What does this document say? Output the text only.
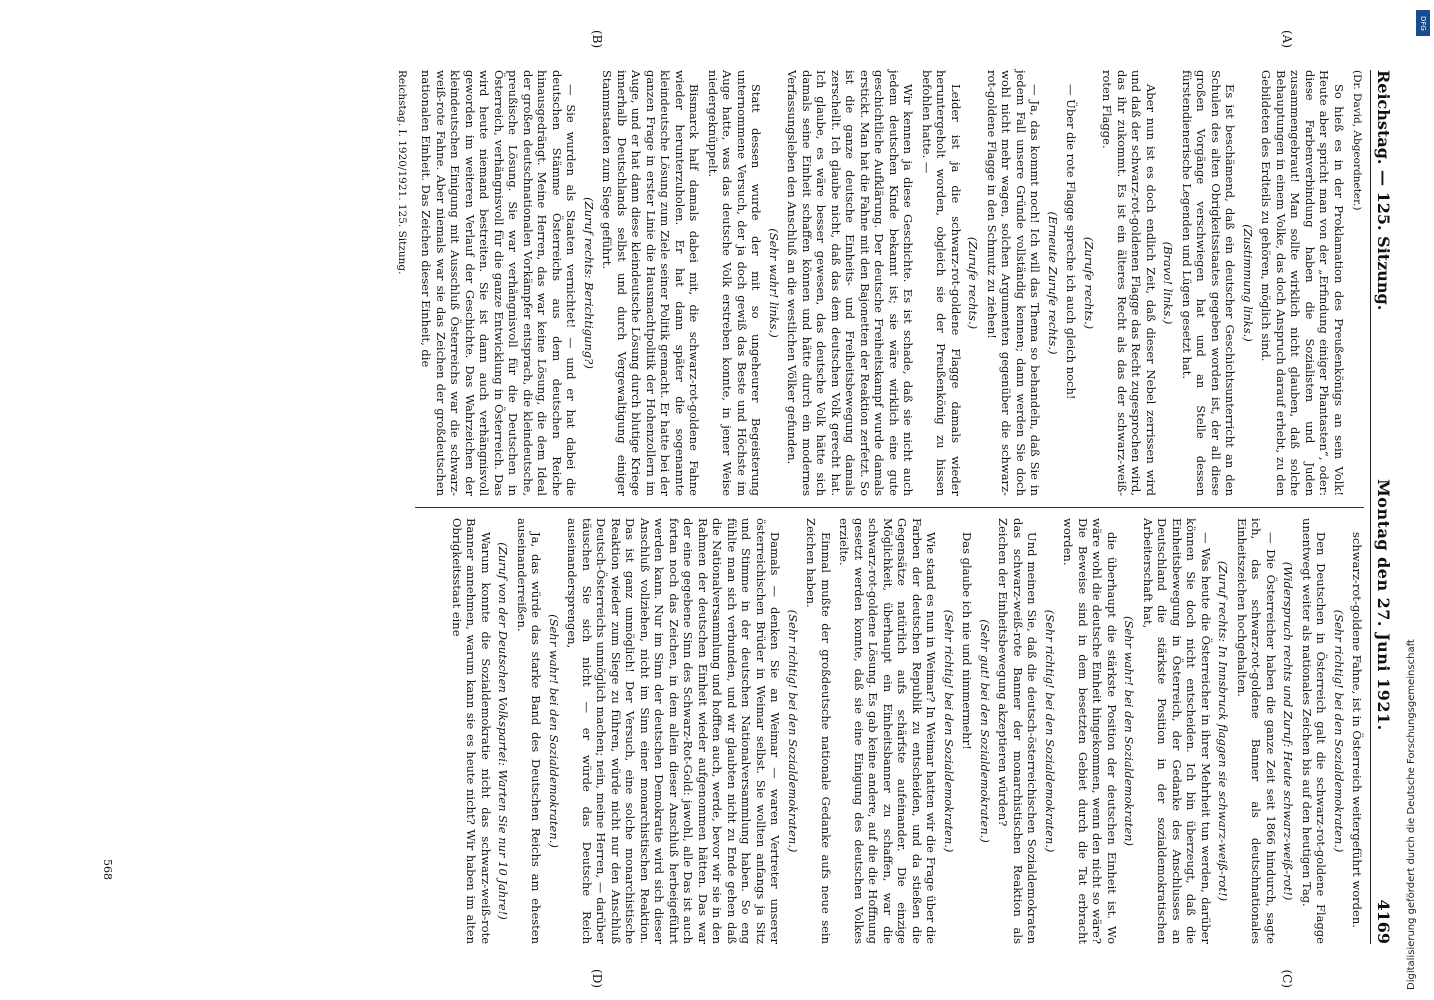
Reichstag. — 125. Sitzung.
Montag den 27. Juni 1921.
4169
(A)
(B)
(C)
(D)

(Dr. David, Abgeordneter.)

So hieß es in der Proklamation des Preußenkönigs an sein Volk! Heute aber spricht man von der „Erfindung einiger Phantasten“, oder: diese Farbenverbindung haben die Sozialisten und Juden zusammengebraut! Man sollte wirklich nicht glauben, daß solche Behauptungen in einem Volke, das doch Anspruch darauf erhebt, zu den Gebildeten des Erdteils zu gehören, möglich sind.

(Zustimmung links.)

Es ist beschämend, daß ein deutscher Geschichtsunterricht an den Schulen des alten Obrigkeitsstaates gegeben worden ist, der all diese großen Vorgänge verschwiegen hat und an Stelle dessen fürstendienerische Legenden und Lügen gesetzt hat.

(Bravo! links.)

Aber nun ist es doch endlich Zeit, daß dieser Nebel zerrissen wird und daß der schwarz-rot-goldenen Flagge das Recht zugesprochen wird, das ihr zukommt. Es ist ein älteres Recht als das der schwarz-weiß-roten Flagge.

(Zurufe rechts.)

— Über die rote Flagge spreche ich auch gleich noch!

(Erneute Zurufe rechts.)

— Ja, das kommt noch! Ich will das Thema so behandeln, daß Sie in jedem Fall unsere Gründe vollständig kennen; dann werden Sie doch wohl nicht mehr wagen, solchen Argumenten gegenüber die schwarz-rot-goldene Flagge in den Schmutz zu ziehen!

(Zurufe rechts.)

Leider ist ja die schwarz-rot-goldene Flagge damals wieder heruntergeholt worden, obgleich sie der Preußenkönig zu hissen befohlen hatte. —

Wir kennen ja diese Geschichte. Es ist schade, daß sie nicht auch jedem deutschen Kinde bekannt ist; sie wäre wirklich eine gute geschichtliche Aufklärung. Der deutsche Freiheitskampf wurde damals erstickt. Man hat die Fahne mit den Bajonetten der Reaktion zerfetzt. So ist die ganze deutsche Einheits- und Freiheitsbewegung damals zerschellt. Ich glaube nicht, daß das dem deutschen Volk gerecht hat. Ich glaube, es wäre besser gewesen, das deutsche Volk hätte sich damals seine Einheit schaffen können und hätte durch ein modernes Verfassungsleben den Anschluß an die westlichen Völker gefunden.

(Sehr wahr! links.)

Statt dessen wurde der mit so ungeheurer Begeisterung unternommene Versuch, der ja doch gewiß das Beste und Höchste im Auge hatte, was das deutsche Volk erstreben konnte, in jener Weise niedergeknüppelt.

Bismarck half damals dabei mit, die schwarz-rot-goldene Fahne wieder herunterzuholen. Er hat dann später die sogenannte kleindeutsche Lösung zum Ziele seiner Politik gemacht. Er hatte bei der ganzen Frage in erster Linie die Hausmachtpolitik der Hohenzollern im Auge, und er hat dann diese kleindeutsche Lösung durch blutige Kriege innerhalb Deutschlands selbst und durch Vergewaltigung einiger Stammstaaten zum Siege geführt.

(Zuruf rechts: Berichtigung?)

— Sie wurden als Staaten vernichtet! — und er hat dabei die deutschen Stämme Österreichs aus dem deutschen Reiche hinausgedrängt. Meine Herren, das war keine Lösung, die dem Ideal der großen deutschnationalen Vorkämpfer entsprach, die kleindeutsche, preußische Lösung. Sie war verhängnisvoll für die Deutschen in Österreich, verhängnisvoll für die ganze Entwicklung in Österreich. Das wird heute niemand bestreiten. Sie ist dann auch verhängnisvoll geworden im weiteren Verlauf der Geschichte. Das Wahrzeichen der kleindeutschen Einigung mit Ausschluß Österreichs war die schwarz-weiß-rote Fahne. Aber niemals war sie das Zeichen der großdeutschen nationalen Einheit. Das Zeichen dieser Einheit, die

schwarz-rot-goldene Fahne, ist in Österreich weitergeführt worden.

(Sehr richtig! bei den Sozialdemokraten.)

Den Deutschen in Österreich galt die schwarz-rot-goldene Flagge unentwegt weiter als nationales Zeichen bis auf den heutigen Tag.

(Widerspruch rechts und Zuruf: Heute schwarz-weiß-rot!)

— Die Österreicher haben die ganze Zeit seit 1866 hindurch, sagte ich, das schwarz-rot-goldene Banner als deutschnationales Einheitszeichen hochgehalten.

(Zuruf rechts: In Innsbruck flaggen sie schwarz-weiß-rot!)

— Was heute die Österreicher in ihrer Mehrheit tun werden, darüber können Sie doch nicht entscheiden. Ich bin überzeugt, daß die Einheitsbewegung in Österreich, der Gedanke des Anschlusses an Deutschland die stärkste Position in der sozialdemokratischen Arbeiterschaft hat,

(Sehr wahr! bei den Sozialdemokraten)

die überhaupt die stärkste Position der deutschen Einheit ist. Wo wäre wohl die deutsche Einheit hingekommen, wenn den nicht so wäre? Die Beweise sind in dem besetzten Gebiet durch die Tat erbracht worden.

(Sehr richtig! bei den Sozialdemokraten.)

Und meinen Sie, daß die deutsch-österreichischen Sozialdemokraten das schwarz-weiß-rote Banner der monarchistischen Reaktion als Zeichen der Einheitsbewegung akzeptieren würden?

(Sehr gut! bei den Sozialdemokraten.)

Das glaube ich nie und nimmermehr!

(Sehr richtig! bei den Sozialdemokraten.)

Wie stand es nun in Weimar? In Weimar hatten wir die Frage über die Farben der deutschen Republik zu entscheiden, und da stießen die Gegensätze natürlich aufs schärfste aufeinander. Die einzige Möglichkeit, überhaupt ein Einheitsbanner zu schaffen, war die schwarz-rot-goldene Lösung. Es gab keine andere, auf die die Hoffnung gesetzt werden konnte, daß sie eine Einigung des deutschen Volkes erzielte.

Einmal mußte der großdeutsche nationale Gedanke aufs neue sein Zeichen haben.

(Sehr richtig! bei den Sozialdemokraten.)

Damals — denken Sie an Weimar — waren Vertreter unserer österreichischen Brüder in Weimar selbst. Sie wollten anfangs ja Sitz und Stimme in der deutschen Nationalversammlung haben. So eng fühlte man sich verbunden, und wir glaubten nicht zu Ende gehen daß die Nationalversammlung und hofften auch, werde, bevor wir sie in den Rahmen der deutschen Einheit wieder aufgenommen hätten. Das war der eine gegebene Sinn des Schwarz-Rot-Gold: jawohl, alle Das ist auch fortan noch das Zeichen, in dem allein dieser Anschluß herbeigeführt werden kann. Nur im Sinn der deutschen Demokratie wird sich dieser Anschluß vollziehen, nicht im Sinn einer monarchistischen Reaktion. Das ist ganz unmöglich! Der Versuch, eine solche monarchistische Reaktion wieder zum Siege zu führen, würde nicht nur den Anschluß Deutsch-Österreichs unmöglich machen; nein, meine Herren, — darüber täuschen Sie sich nicht — er würde das Deutsche Reich auseinandersprengen,

(Sehr wahr! bei den Sozialdemokraten.)

Ja, das würde das starke Band des Deutschen Reichs am ehesten auseinanderreißen.

(Zuruf von der Deutschen Volkspartei: Warten Sie nur 10 Jahre!)

Warum konnte die Sozialdemokratie nicht das schwarz-weiß-rote Banner annehmen, warum kann sie es heute nicht? Wir haben im alten Obrigkeitsstaat eine

Reichstag. I. 1920/1921. 125. Sitzung.
568	Digitalisierung gefördert durch die Deutsche Forschungsgemeinschaft
DFG
